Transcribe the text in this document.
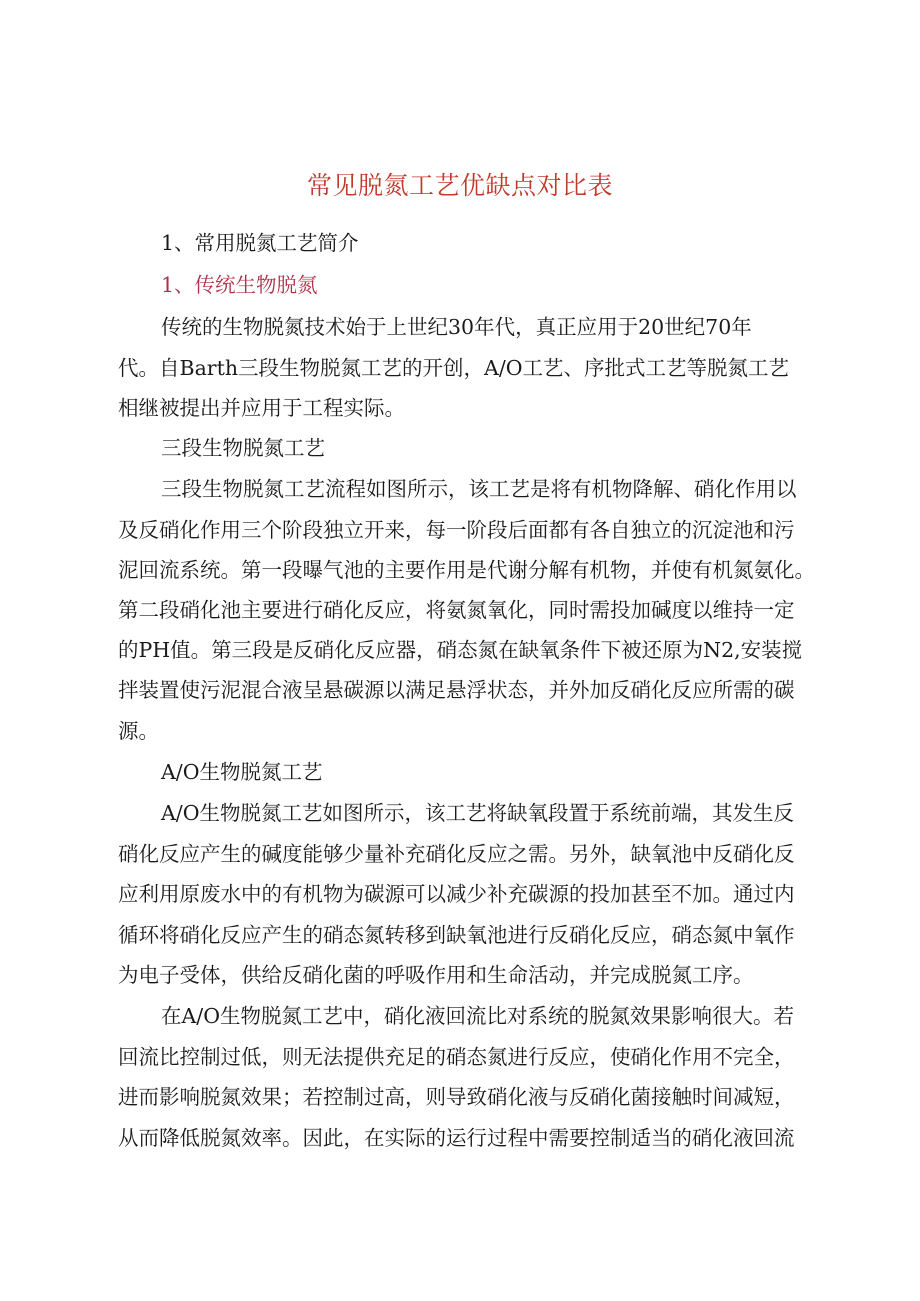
常见脱氮工艺优缺点对比表
1、常用脱氮工艺简介
1、传统生物脱氮
传统的生物脱氮技术始于上世纪30年代，真正应用于20世纪70年
代。自Barth三段生物脱氮工艺的开创，A/O工艺、序批式工艺等脱氮工艺
相继被提出并应用于工程实际。
三段生物脱氮工艺
三段生物脱氮工艺流程如图所示，该工艺是将有机物降解、硝化作用以
及反硝化作用三个阶段独立开来，每一阶段后面都有各自独立的沉淀池和污
泥回流系统。第一段曝气池的主要作用是代谢分解有机物，并使有机氮氨化。
第二段硝化池主要进行硝化反应，将氨氮氧化，同时需投加碱度以维持一定
的PH值。第三段是反硝化反应器，硝态氮在缺氧条件下被还原为N2,安装搅
拌装置使污泥混合液呈悬碳源以满足悬浮状态，并外加反硝化反应所需的碳
源。
A/O生物脱氮工艺
A/O生物脱氮工艺如图所示，该工艺将缺氧段置于系统前端，其发生反
硝化反应产生的碱度能够少量补充硝化反应之需。另外，缺氧池中反硝化反
应利用原废水中的有机物为碳源可以减少补充碳源的投加甚至不加。通过内
循环将硝化反应产生的硝态氮转移到缺氧池进行反硝化反应，硝态氮中氧作
为电子受体，供给反硝化菌的呼吸作用和生命活动，并完成脱氮工序。
在A/O生物脱氮工艺中，硝化液回流比对系统的脱氮效果影响很大。若
回流比控制过低，则无法提供充足的硝态氮进行反应，使硝化作用不完全，
进而影响脱氮效果；若控制过高，则导致硝化液与反硝化菌接触时间减短，
从而降低脱氮效率。因此，在实际的运行过程中需要控制适当的硝化液回流
